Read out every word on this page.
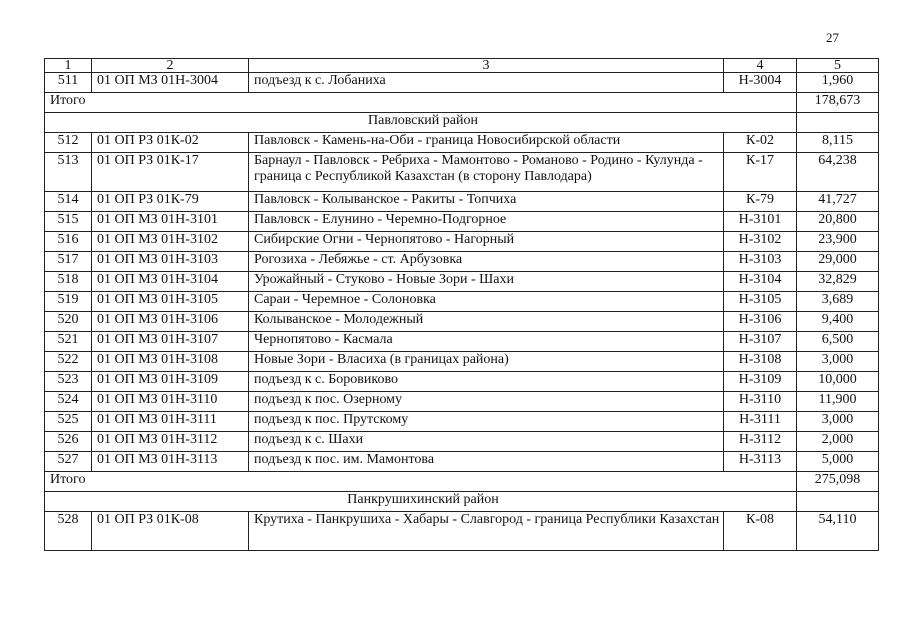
27
1	2	3	4	5
511	01 ОП МЗ 01Н-3004	подъезд к с. Лобаниха	Н-3004	1,960
Итого				178,673
Павловский район				
512	01 ОП РЗ 01К-02	Павловск - Камень-на-Оби - граница Новосибирской области	К-02	8,115
513	01 ОП РЗ 01К-17	Барнаул - Павловск - Ребриха - Мамонтово - Романово - Родино - Кулунда - граница с Республикой Казахстан (в сторону Павлодара)	К-17	64,238
514	01 ОП РЗ 01К-79	Павловск - Колыванское - Ракиты - Топчиха	К-79	41,727
515	01 ОП МЗ 01Н-3101	Павловск - Елунино - Черемно-Подгорное	Н-3101	20,800
516	01 ОП МЗ 01Н-3102	Сибирские Огни - Чернопятово - Нагорный	Н-3102	23,900
517	01 ОП МЗ 01Н-3103	Рогозиха - Лебяжье - ст. Арбузовка	Н-3103	29,000
518	01 ОП МЗ 01Н-3104	Урожайный - Стуково - Новые Зори - Шахи	Н-3104	32,829
519	01 ОП МЗ 01Н-3105	Сараи - Черемное - Солоновка	Н-3105	3,689
520	01 ОП МЗ 01Н-3106	Колыванское - Молодежный	Н-3106	9,400
521	01 ОП МЗ 01Н-3107	Чернопятово - Касмала	Н-3107	6,500
522	01 ОП МЗ 01Н-3108	Новые Зори - Власиха (в границах района)	Н-3108	3,000
523	01 ОП МЗ 01Н-3109	подъезд к с. Боровиково	Н-3109	10,000
524	01 ОП МЗ 01Н-3110	подъезд к пос. Озерному	Н-3110	11,900
525	01 ОП МЗ 01Н-3111	подъезд к пос. Прутскому	Н-3111	3,000
526	01 ОП МЗ 01Н-3112	подъезд к с. Шахи	Н-3112	2,000
527	01 ОП МЗ 01Н-3113	подъезд к пос. им. Мамонтова	Н-3113	5,000
Итого				275,098
Панкрушихинский район				
528	01 ОП РЗ 01К-08	Крутиха - Панкрушиха - Хабары - Славгород - граница Республики Казахстан	К-08	54,110
